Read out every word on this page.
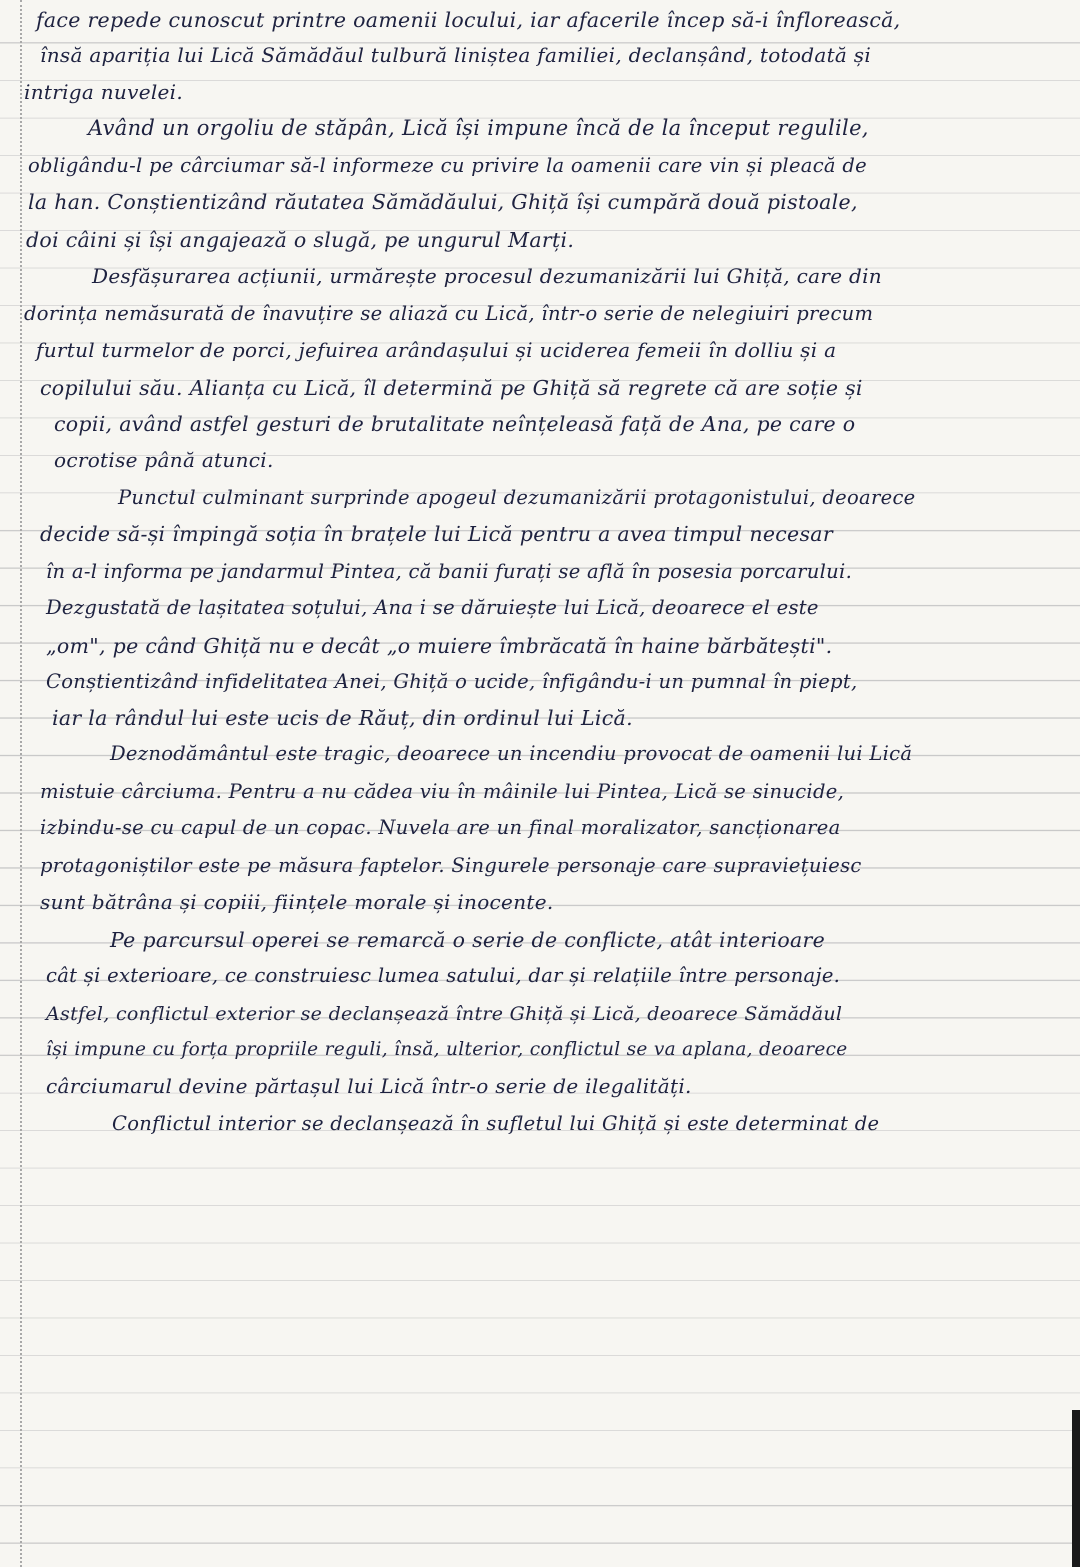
face repede cunoscut printre oamenii locului, iar afacerile încep să-i înflorească,
însă apariția lui Lică Sămădăul tulbură liniștea familiei, declanșând, totodată și
intriga nuvelei.
Având un orgoliu de stăpân, Lică își impune încă de la început regulile,
obligându-l pe cârciumar să-l informeze cu privire la oamenii care vin și pleacă de
la han. Conștientizând răutatea Sămădăului, Ghiță își cumpără două pistoale,
doi câini și își angajează o slugă, pe ungurul Marți.
Desfășurarea acțiunii, urmărește procesul dezumanizării lui Ghiță, care din
dorința nemăsurată de înavuțire se aliază cu Lică, într-o serie de nelegiuiri precum
furtul turmelor de porci, jefuirea arândașului și uciderea femeii în dolliu și a
copilului său. Alianța cu Lică, îl determină pe Ghiță să regrete că are soție și
copii, având astfel gesturi de brutalitate neînțeleasă față de Ana, pe care o
ocrotise până atunci.
Punctul culminant surprinde apogeul dezumanizării protagonistului, deoarece
decide să-și împingă soția în brațele lui Lică pentru a avea timpul necesar
în a-l informa pe jandarmul Pintea, că banii furați se află în posesia porcarului.
Dezgustată de lașitatea soțului, Ana i se dăruiește lui Lică, deoarece el este
„om", pe când Ghiță nu e decât „o muiere îmbrăcată în haine bărbătești".
Conștientizând infidelitatea Anei, Ghiță o ucide, înfigându-i un pumnal în piept,
iar la rândul lui este ucis de Răuț, din ordinul lui Lică.
Deznodământul este tragic, deoarece un incendiu provocat de oamenii lui Lică
mistuie cârciuma. Pentru a nu cădea viu în mâinile lui Pintea, Lică se sinucide,
izbindu-se cu capul de un copac. Nuvela are un final moralizator, sancționarea
protagoniștilor este pe măsura faptelor. Singurele personaje care supraviețuiesc
sunt bătrâna și copiii, ființele morale și inocente.
Pe parcursul operei se remarcă o serie de conflicte, atât interioare
cât și exterioare, ce construiesc lumea satului, dar și relațiile între personaje.
Astfel, conflictul exterior se declanșează între Ghiță și Lică, deoarece Sămădăul
își impune cu forța propriile reguli, însă, ulterior, conflictul se va aplana, deoarece
cârciumarul devine părtașul lui Lică într-o serie de ilegalități.
Conflictul interior se declanșează în sufletul lui Ghiță și este determinat de
